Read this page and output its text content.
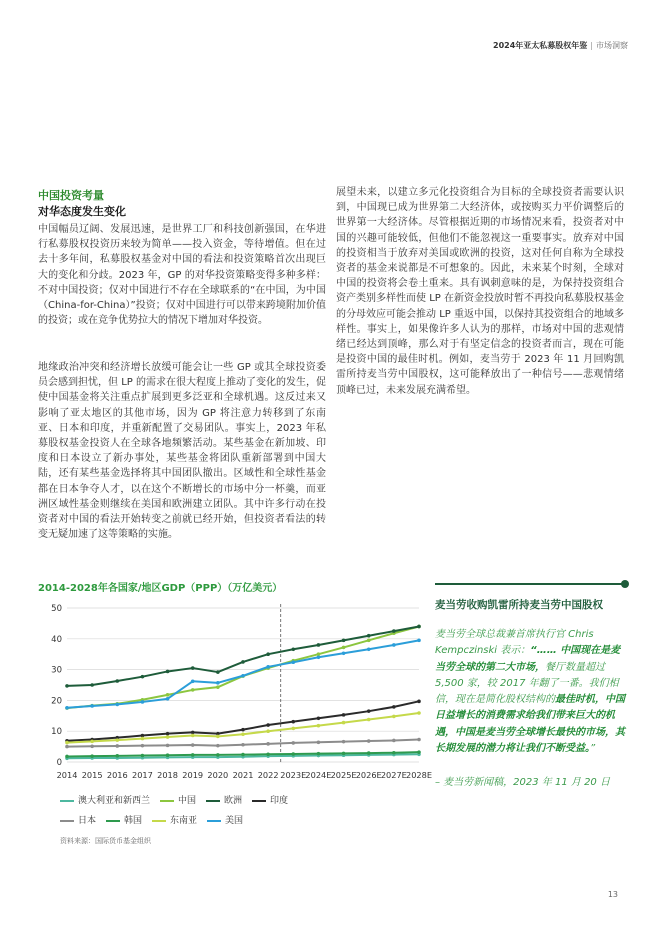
2024年亚太私募股权年鉴 | 市场洞察
中国投资考量
对华态度发生变化

中国幅员辽阔、发展迅速，是世界工厂和科技创新强国，在华进行私募股权投资历来较为简单——投入资金，等待增值。但在过去十多年间，私募股权基金对中国的看法和投资策略首次出现巨大的变化和分歧。2023 年，GP 的对华投资策略变得多种多样：不对中国投资；仅对中国进行不存在全球联系的“在中国，为中国（China-for-China）”投资；仅对中国进行可以带来跨境附加价值的投资；或在竞争优势拉大的情况下增加对华投资。

地缘政治冲突和经济增长放缓可能会让一些 GP 或其全球投资委员会感到担忧，但 LP 的需求在很大程度上推动了变化的发生，促使中国基金将关注重点扩展到更多泛亚和全球机遇。这反过来又影响了亚太地区的其他市场，因为 GP 将注意力转移到了东南亚、日本和印度，并重新配置了交易团队。事实上，2023 年私募股权基金投资人在全球各地频繁活动。某些基金在新加坡、印度和日本设立了新办事处，某些基金将团队重新部署到中国大陆，还有某些基金选择将其中国团队撤出。区域性和全球性基金都在日本争夺人才，以在这个不断增长的市场中分一杯羹，而亚洲区域性基金则继续在美国和欧洲建立团队。其中许多行动在投资者对中国的看法开始转变之前就已经开始，但投资者看法的转变无疑加速了这等策略的实施。

展望未来，以建立多元化投资组合为目标的全球投资者需要认识到，中国现已成为世界第二大经济体，或按购买力平价调整后的世界第一大经济体。尽管根据近期的市场情况来看，投资者对中国的兴趣可能较低，但他们不能忽视这一重要事实。放弃对中国的投资相当于放弃对美国或欧洲的投资，这对任何自称为全球投资者的基金来说都是不可想象的。因此，未来某个时刻，全球对中国的投资将会卷土重来。具有讽刺意味的是，为保持投资组合资产类别多样性而使 LP 在新资金投放时暂不再投向私募股权基金的分母效应可能会推动 LP 重返中国，以保持其投资组合的地域多样性。事实上，如果像许多人认为的那样，市场对中国的悲观情绪已经达到顶峰，那么对于有坚定信念的投资者而言，现在可能是投资中国的最佳时机。例如，麦当劳于 2023 年 11 月回购凯雷所持麦当劳中国股权，这可能释放出了一种信号——悲观情绪顶峰已过，未来发展充满希望。

2014-2028年各国家/地区GDP（PPP）（万亿美元）
0
10
20
30
40
50
2014 2015 2016 2017 2018 2019 2020 2021 2022 2023E 2024E 2025E 2026E 2027E 2028E
澳大利亚和新西兰	中国	欧洲	印度
日本	韩国	东南亚	美国
资料来源：国际货币基金组织
麦当劳收购凯雷所持麦当劳中国股权

麦当劳全球总裁兼首席执行官 Chris Kempczinski 表示：“…… 中国现在是麦当劳全球的第二大市场，餐厅数量超过 5,500 家，较 2017 年翻了一番。我们相信，现在是简化股权结构的最佳时机，中国日益增长的消费需求给我们带来巨大的机遇，中国是麦当劳全球增长最快的市场，其长期发展的潜力将让我们不断受益。”

– 麦当劳新闻稿，2023 年 11 月 20 日
13
